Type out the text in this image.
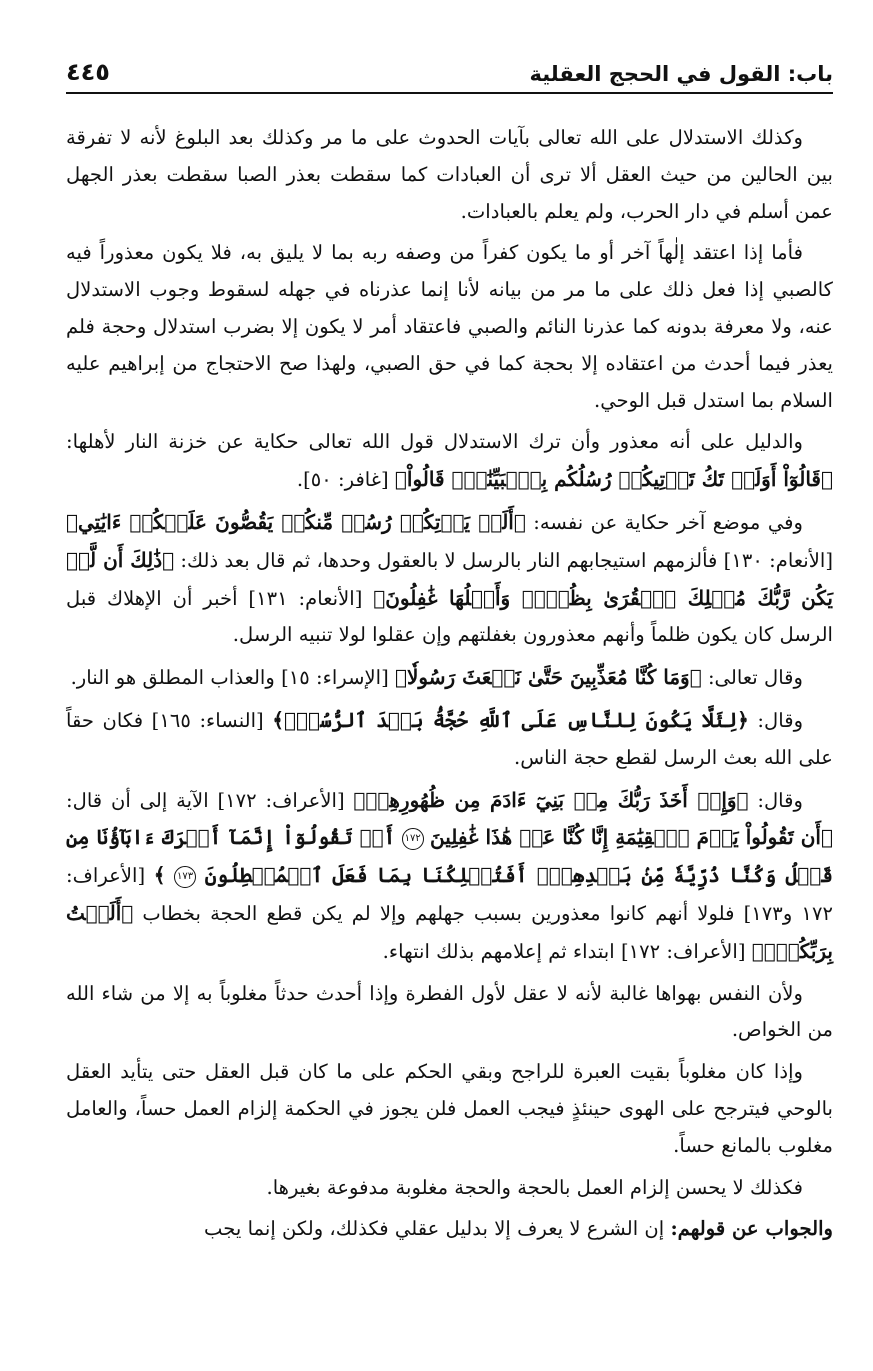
٤٤٥	باب: القول في الحجج العقلية

وكذلك الاستدلال على الله تعالى بآيات الحدوث على ما مر وكذلك بعد البلوغ لأنه لا تفرقة بين الحالين من حيث العقل ألا ترى أن العبادات كما سقطت بعذر الصبا سقطت بعذر الجهل عمن أسلم في دار الحرب، ولم يعلم بالعبادات.

فأما إذا اعتقد إلٰهاً آخر أو ما يكون كفراً من وصفه ربه بما لا يليق به، فلا يكون معذوراً فيه كالصبي إذا فعل ذلك على ما مر من بيانه لأنا إنما عذرناه في جهله لسقوط وجوب الاستدلال عنه، ولا معرفة بدونه كما عذرنا النائم والصبي فاعتقاد أمر لا يكون إلا بضرب استدلال وحجة فلم يعذر فيما أحدث من اعتقاده إلا بحجة كما في حق الصبي، ولهذا صح الاحتجاج من إبراهيم عليه السلام بما استدل قبل الوحي.

والدليل على أنه معذور وأن ترك الاستدلال قول الله تعالى حكاية عن خزنة النار لأهلها: ﴿قَالُوٓاْ أَوَلَمۡ تَكُ تَأۡتِيكُمۡ رُسُلُكُم بِٱلۡبَيِّنَٰتِۖ قَالُواْ﴾ [غافر: ٥٠].

وفي موضع آخر حكاية عن نفسه: ﴿أَلَمۡ يَأۡتِكُمۡ رُسُلٞ مِّنكُمۡ يَقُصُّونَ عَلَيۡكُمۡ ءَايَٰتِي﴾ [الأنعام: ١٣٠] فألزمهم استيجابهم النار بالرسل لا بالعقول وحدها، ثم قال بعد ذلك: ﴿ذَٰلِكَ أَن لَّمۡ يَكُن رَّبُّكَ مُهۡلِكَ ٱلۡقُرَىٰ بِظُلۡمٖ وَأَهۡلُهَا غَٰفِلُونَ﴾ [الأنعام: ١٣١] أخبر أن الإهلاك قبل الرسل كان يكون ظلماً وأنهم معذورون بغفلتهم وإن عقلوا لولا تنبيه الرسل.

وقال تعالى: ﴿وَمَا كُنَّا مُعَذِّبِينَ حَتَّىٰ نَبۡعَثَ رَسُولٗا﴾ [الإسراء: ١٥] والعذاب المطلق هو النار.

وقال: ﴿لِئَلَّا يَكُونَ لِلنَّاسِ عَلَى ٱللَّهِ حُجَّةُۢ بَعۡدَ ٱلرُّسُلِۚ﴾ [النساء: ١٦٥] فكان حقاً على الله بعث الرسل لقطع حجة الناس.

وقال: ﴿وَإِذۡ أَخَذَ رَبُّكَ مِنۢ بَنِيٓ ءَادَمَ مِن ظُهُورِهِمۡ﴾ [الأعراف: ١٧٢] الآية إلى أن قال: ﴿أَن تَقُولُواْ يَوۡمَ ٱلۡقِيَٰمَةِ إِنَّا كُنَّا عَنۡ هَٰذَا غَٰفِلِينَ ١٧٢ أَوۡ تَقُولُوٓاْ إِنَّمَآ أَشۡرَكَ ءَابَآؤُنَا مِن قَبۡلُ وَكُنَّا ذُرِّيَّةٗ مِّنۢ بَعۡدِهِمۡۖ أَفَتُهۡلِكُنَا بِمَا فَعَلَ ٱلۡمُبۡطِلُونَ ١٧٣ ﴾ [الأعراف: ١٧٢ و١٧٣] فلولا أنهم كانوا معذورين بسبب جهلهم وإلا لم يكن قطع الحجة بخطاب ﴿أَلَسۡتُ بِرَبِّكُمۡۖ﴾ [الأعراف: ١٧٢] ابتداء ثم إعلامهم بذلك انتهاء.

ولأن النفس بهواها غالبة لأنه لا عقل لأول الفطرة وإذا أحدث حدثاً مغلوباً به إلا من شاء الله من الخواص.

وإذا كان مغلوباً بقيت العبرة للراجح وبقي الحكم على ما كان قبل العقل حتى يتأيد العقل بالوحي فيترجح على الهوى حينئذٍ فيجب العمل فلن يجوز في الحكمة إلزام العمل حساً، والعامل مغلوب بالمانع حساً.

فكذلك لا يحسن إلزام العمل بالحجة والحجة مغلوبة مدفوعة بغيرها.

والجواب عن قولهم: إن الشرع لا يعرف إلا بدليل عقلي فكذلك، ولكن إنما يجب
